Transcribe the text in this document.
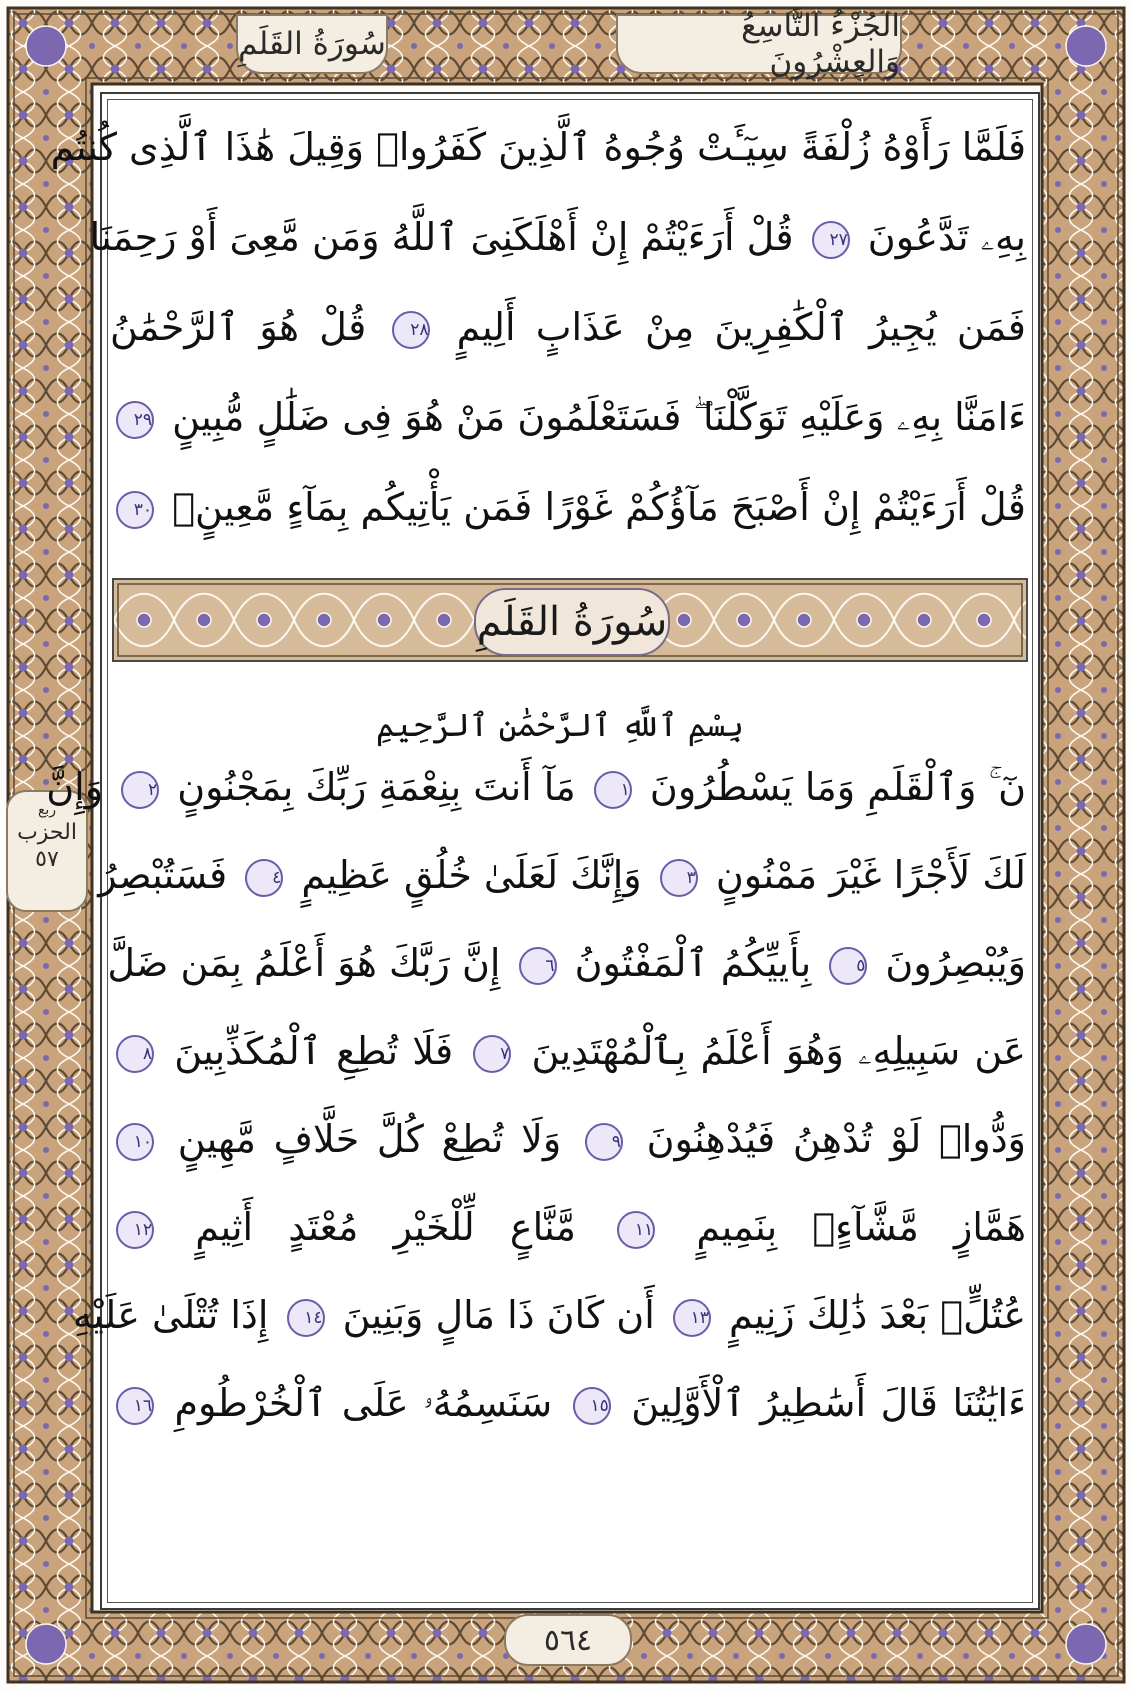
الجُزْءُ التَّاسِعُ وَالعِشْرُونَ
سُورَةُ القَلَمِ
ربع
الحزب
٥٧
فَلَمَّا رَأَوْهُ زُلْفَةً سِيٓـَٔتْ وُجُوهُ ٱلَّذِينَ كَفَرُوا۟ وَقِيلَ هَٰذَا ٱلَّذِى كُنتُم
بِهِۦ تَدَّعُونَ ٢٧ قُلْ أَرَءَيْتُمْ إِنْ أَهْلَكَنِىَ ٱللَّهُ وَمَن مَّعِىَ أَوْ رَحِمَنَا
فَمَن يُجِيرُ ٱلْكَٰفِرِينَ مِنْ عَذَابٍ أَلِيمٍ ٢٨ قُلْ هُوَ ٱلرَّحْمَٰنُ
ءَامَنَّا بِهِۦ وَعَلَيْهِ تَوَكَّلْنَا ۖ فَسَتَعْلَمُونَ مَنْ هُوَ فِى ضَلَٰلٍ مُّبِينٍ ٢٩
قُلْ أَرَءَيْتُمْ إِنْ أَصْبَحَ مَآؤُكُمْ غَوْرًا فَمَن يَأْتِيكُم بِمَآءٍ مَّعِينٍۭ ٣٠
سُورَةُ القَلَمِ
بِسْمِ ٱللَّهِ ٱلرَّحْمَٰنِ ٱلرَّحِيمِ
نٓ ۚ وَٱلْقَلَمِ وَمَا يَسْطُرُونَ ١ مَآ أَنتَ بِنِعْمَةِ رَبِّكَ بِمَجْنُونٍ ٢ وَإِنَّ
لَكَ لَأَجْرًا غَيْرَ مَمْنُونٍ ٣ وَإِنَّكَ لَعَلَىٰ خُلُقٍ عَظِيمٍ ٤ فَسَتُبْصِرُ
وَيُبْصِرُونَ ٥ بِأَييِّكُمُ ٱلْمَفْتُونُ ٦ إِنَّ رَبَّكَ هُوَ أَعْلَمُ بِمَن ضَلَّ
عَن سَبِيلِهِۦ وَهُوَ أَعْلَمُ بِٱلْمُهْتَدِينَ ٧ فَلَا تُطِعِ ٱلْمُكَذِّبِينَ ٨
وَدُّوا۟ لَوْ تُدْهِنُ فَيُدْهِنُونَ ٩ وَلَا تُطِعْ كُلَّ حَلَّافٍ مَّهِينٍ ١٠
هَمَّازٍ مَّشَّآءٍۭ بِنَمِيمٍ ١١ مَّنَّاعٍ لِّلْخَيْرِ مُعْتَدٍ أَثِيمٍ ١٢
عُتُلٍّۭ بَعْدَ ذَٰلِكَ زَنِيمٍ ١٣ أَن كَانَ ذَا مَالٍ وَبَنِينَ ١٤ إِذَا تُتْلَىٰ عَلَيْهِ
ءَايَٰتُنَا قَالَ أَسَٰطِيرُ ٱلْأَوَّلِينَ ١٥ سَنَسِمُهُۥ عَلَى ٱلْخُرْطُومِ ١٦
٥٦٤
